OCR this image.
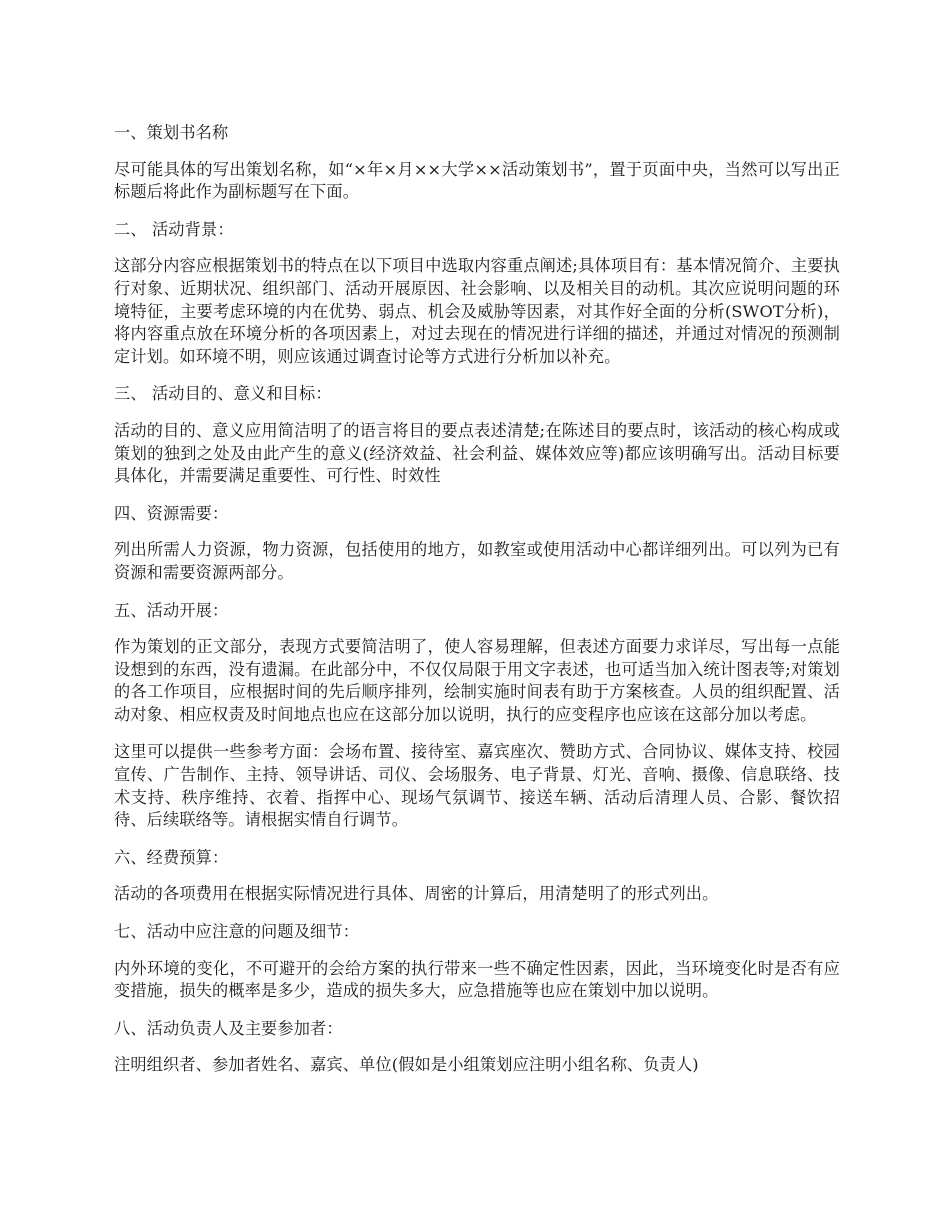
一、策划书名称

尽可能具体的写出策划名称，如“×年×月××大学××活动策划书”，置于页面中央，当然可以写出正标题后将此作为副标题写在下面。

二、 活动背景：

这部分内容应根据策划书的特点在以下项目中选取内容重点阐述;具体项目有：基本情况简介、主要执行对象、近期状况、组织部门、活动开展原因、社会影响、以及相关目的动机。其次应说明问题的环境特征，主要考虑环境的内在优势、弱点、机会及威胁等因素，对其作好全面的分析(SWOT分析)，将内容重点放在环境分析的各项因素上，对过去现在的情况进行详细的描述，并通过对情况的预测制定计划。如环境不明，则应该通过调查讨论等方式进行分析加以补充。

三、 活动目的、意义和目标：

活动的目的、意义应用简洁明了的语言将目的要点表述清楚;在陈述目的要点时，该活动的核心构成或策划的独到之处及由此产生的意义(经济效益、社会利益、媒体效应等)都应该明确写出。活动目标要具体化，并需要满足重要性、可行性、时效性

四、资源需要：

列出所需人力资源，物力资源，包括使用的地方，如教室或使用活动中心都详细列出。可以列为已有资源和需要资源两部分。

五、活动开展：

作为策划的正文部分，表现方式要简洁明了，使人容易理解，但表述方面要力求详尽，写出每一点能设想到的东西，没有遗漏。在此部分中，不仅仅局限于用文字表述，也可适当加入统计图表等;对策划的各工作项目，应根据时间的先后顺序排列，绘制实施时间表有助于方案核查。人员的组织配置、活动对象、相应权责及时间地点也应在这部分加以说明，执行的应变程序也应该在这部分加以考虑。

这里可以提供一些参考方面：会场布置、接待室、嘉宾座次、赞助方式、合同协议、媒体支持、校园宣传、广告制作、主持、领导讲话、司仪、会场服务、电子背景、灯光、音响、摄像、信息联络、技术支持、秩序维持、衣着、指挥中心、现场气氛调节、接送车辆、活动后清理人员、合影、餐饮招待、后续联络等。请根据实情自行调节。

六、经费预算：

活动的各项费用在根据实际情况进行具体、周密的计算后，用清楚明了的形式列出。

七、活动中应注意的问题及细节：

内外环境的变化，不可避开的会给方案的执行带来一些不确定性因素，因此，当环境变化时是否有应变措施，损失的概率是多少，造成的损失多大，应急措施等也应在策划中加以说明。

八、活动负责人及主要参加者：

注明组织者、参加者姓名、嘉宾、单位(假如是小组策划应注明小组名称、负责人)
